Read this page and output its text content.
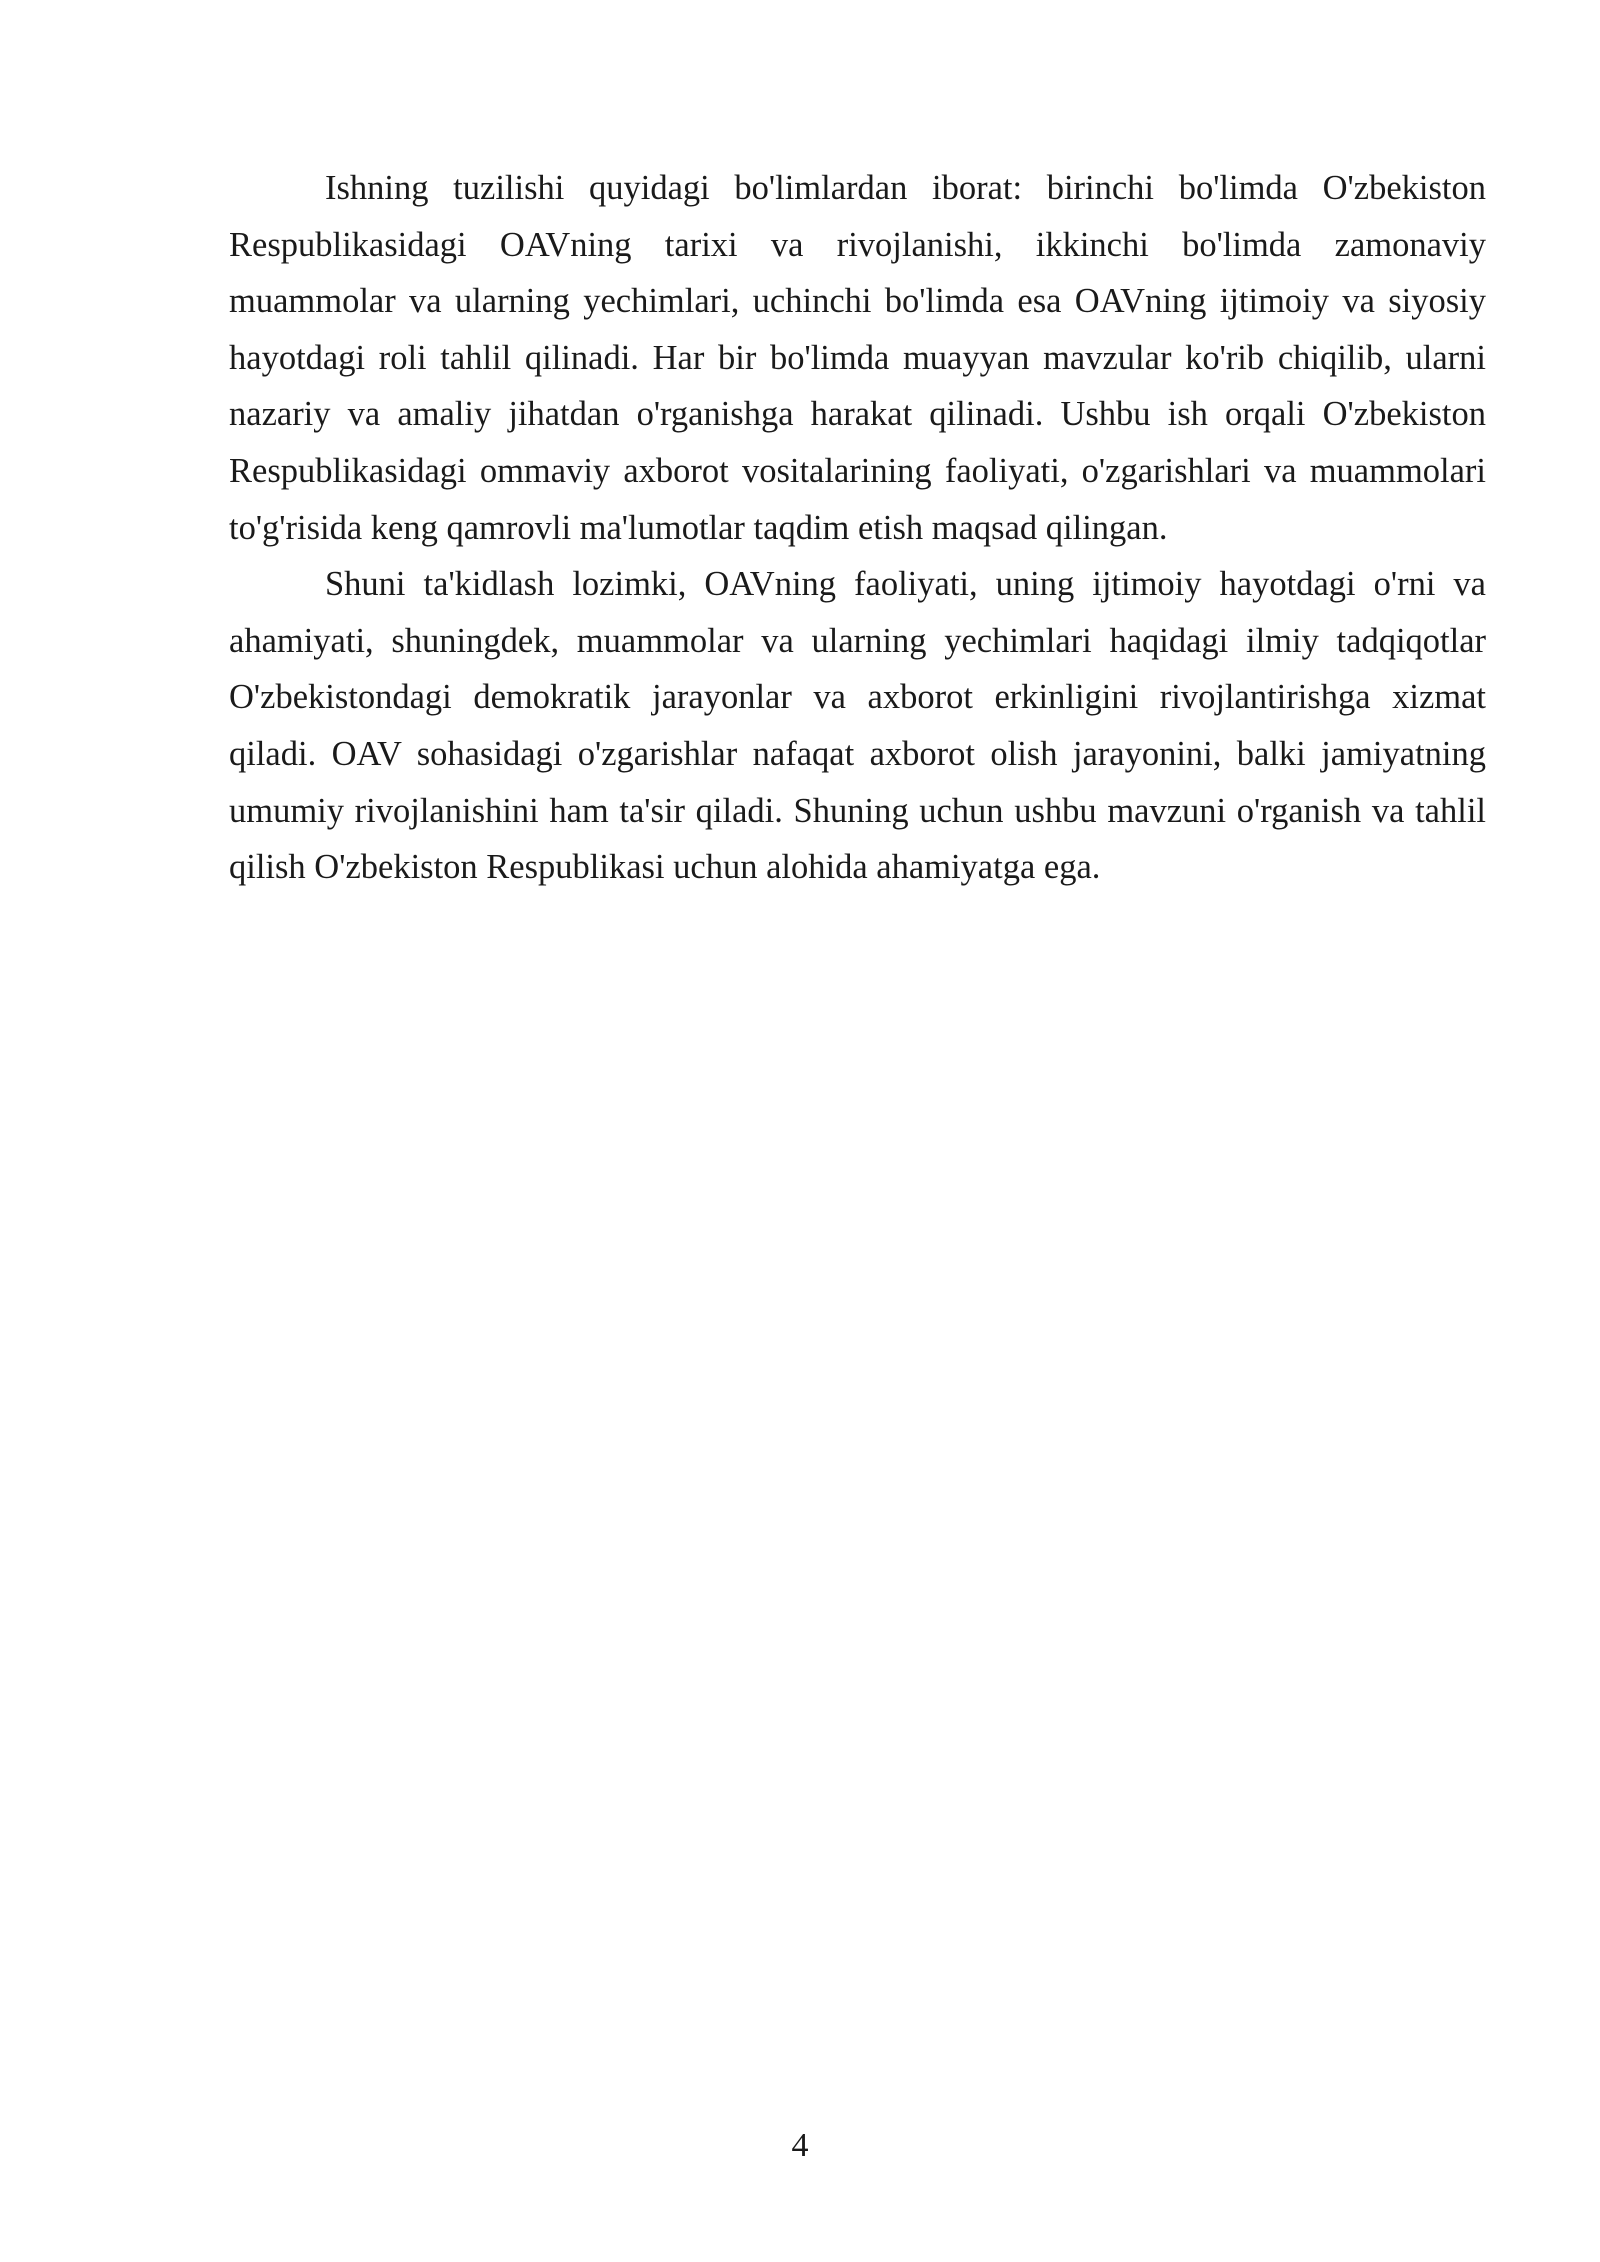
Ishning tuzilishi quyidagi bo'limlardan iborat: birinchi bo'limda O'zbekiston Respublikasidagi OAVning tarixi va rivojlanishi, ikkinchi bo'limda zamonaviy muammolar va ularning yechimlari, uchinchi bo'limda esa OAVning ijtimoiy va siyosiy hayotdagi roli tahlil qilinadi. Har bir bo'limda muayyan mavzular ko'rib chiqilib, ularni nazariy va amaliy jihatdan o'rganishga harakat qilinadi. Ushbu ish orqali O'zbekiston Respublikasidagi ommaviy axborot vositalarining faoliyati, o'zgarishlari va muammolari to'g'risida keng qamrovli ma'lumotlar taqdim etish maqsad qilingan.

Shuni ta'kidlash lozimki, OAVning faoliyati, uning ijtimoiy hayotdagi o'rni va ahamiyati, shuningdek, muammolar va ularning yechimlari haqidagi ilmiy tadqiqotlar O'zbekistondagi demokratik jarayonlar va axborot erkinligini rivojlantirishga xizmat qiladi. OAV sohasidagi o'zgarishlar nafaqat axborot olish jarayonini, balki jamiyatning umumiy rivojlanishini ham ta'sir qiladi. Shuning uchun ushbu mavzuni o'rganish va tahlil qilish O'zbekiston Respublikasi uchun alohida ahamiyatga ega.

4
